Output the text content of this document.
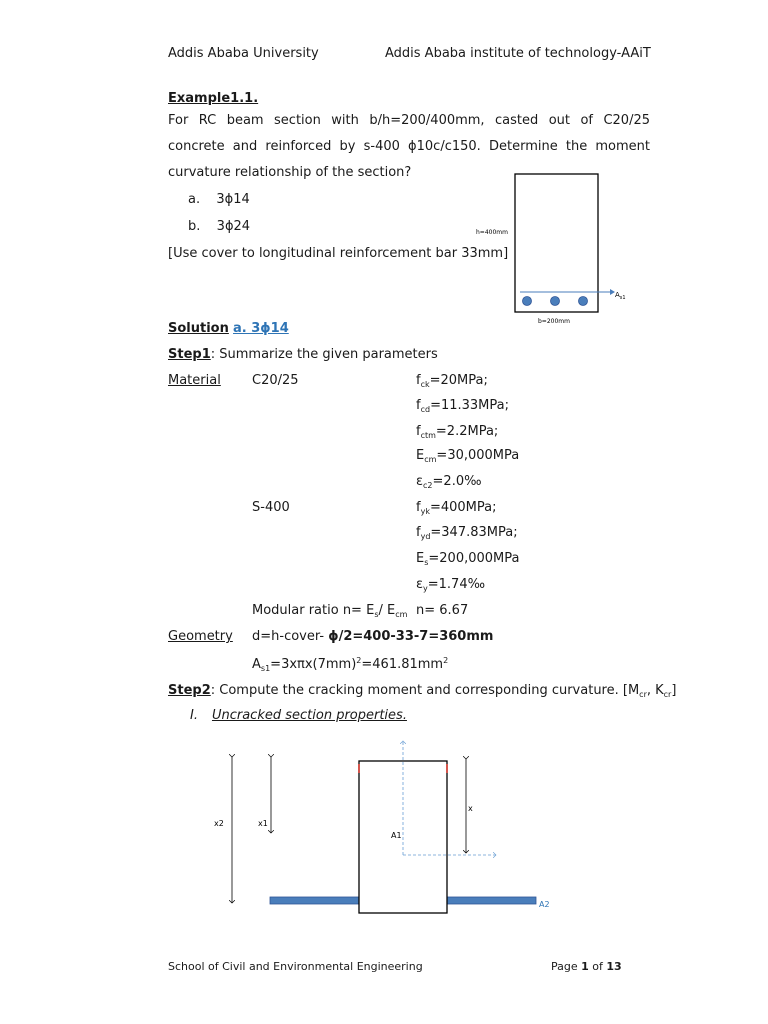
Addis Ababa University	Addis Ababa institute of technology-AAiT
Example1.1.
For RC beam section with b/h=200/400mm, casted out of C20/25 concrete and reinforced by s-400 ϕ10c/c150. Determine the moment curvature relationship of the section?
a. 3ϕ14
b. 3ϕ24
[Use cover to longitudinal reinforcement bar 33mm]
h=400mm
$A_{s1}$
b=200mm
Solution a. 3ϕ14
Step1: Summarize the given parameters
Material C20/25	$f_{ck}=20MPa$;
$f_{cd}=11.33MPa$;
$f_{ctm}=2.2MPa$;
$E_{cm}=30,000MPa$
$\varepsilon_{c2}=2.0‰$
S-400	$f_{yk}=400MPa$;
$f_{yd}=347.83MPa$;
$E_s=200,000MPa$
$\varepsilon_y=1.74‰$
Modular ratio $n= E_s/$ $E_{cm}$ n= 6.67
Geometry d=h-cover- ϕ/2=400-33-7=360mm
$A_{s1}=3x\pi x(7mm)^2=461.81mm^2$
Step2: Compute the cracking moment and corresponding curvature. [$M_{cr}$, $K_{cr}$]
I. Uncracked section properties.
x2	x1
x
A1
A2
School of Civil and Environmental Engineering	Page 1 of 13
